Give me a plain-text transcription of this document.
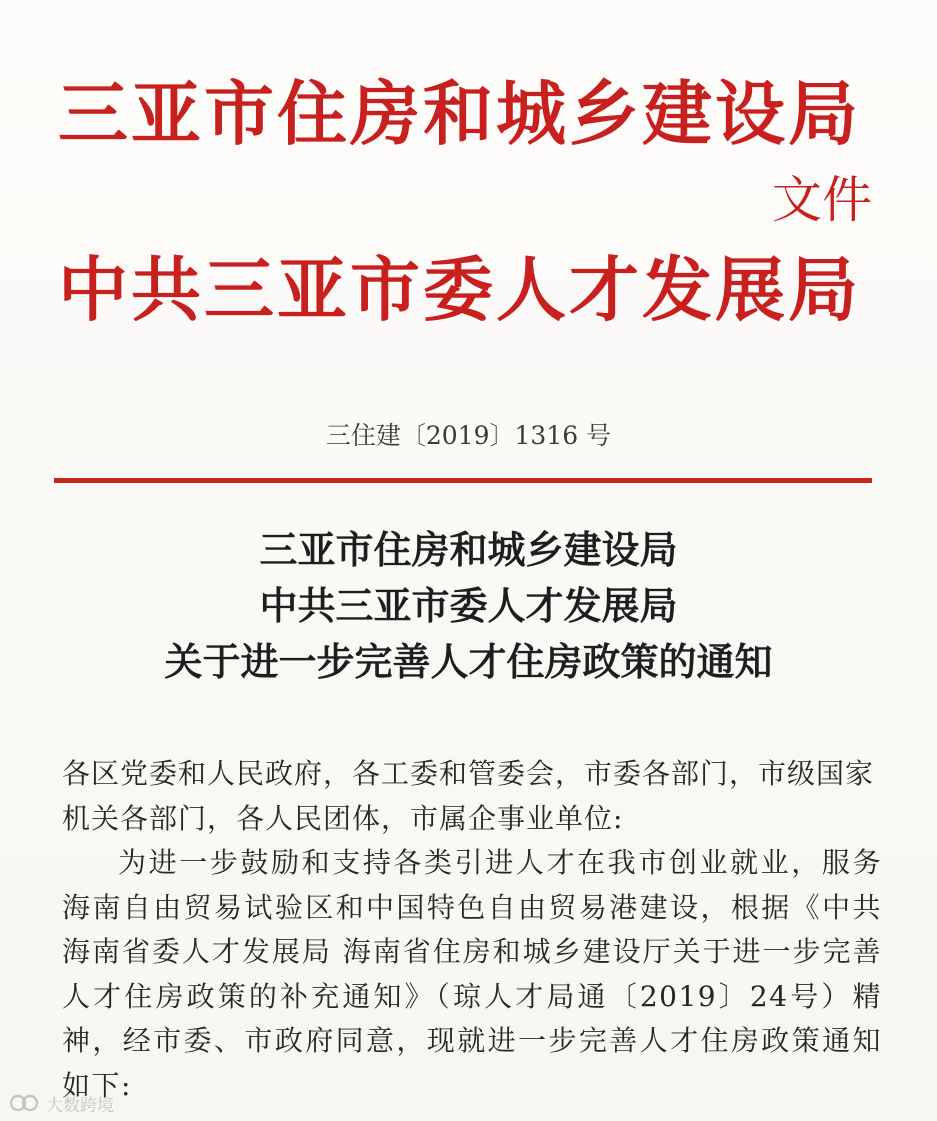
三亚市住房和城乡建设局
文件
中共三亚市委人才发展局
三住建〔2019〕1316 号
三亚市住房和城乡建设局
中共三亚市委人才发展局
关于进一步完善人才住房政策的通知

各区党委和人民政府，各工委和管委会，市委各部门，市级国家机关各部门，各人民团体，市属企事业单位:

为进一步鼓励和支持各类引进人才在我市创业就业，服务海南自由贸易试验区和中国特色自由贸易港建设，根据《中共海南省委人才发展局 海南省住房和城乡建设厅关于进一步完善人才住房政策的补充通知》（琼人才局通〔2019〕24号）精神，经市委、市政府同意，现就进一步完善人才住房政策通知如下:

大数跨境
